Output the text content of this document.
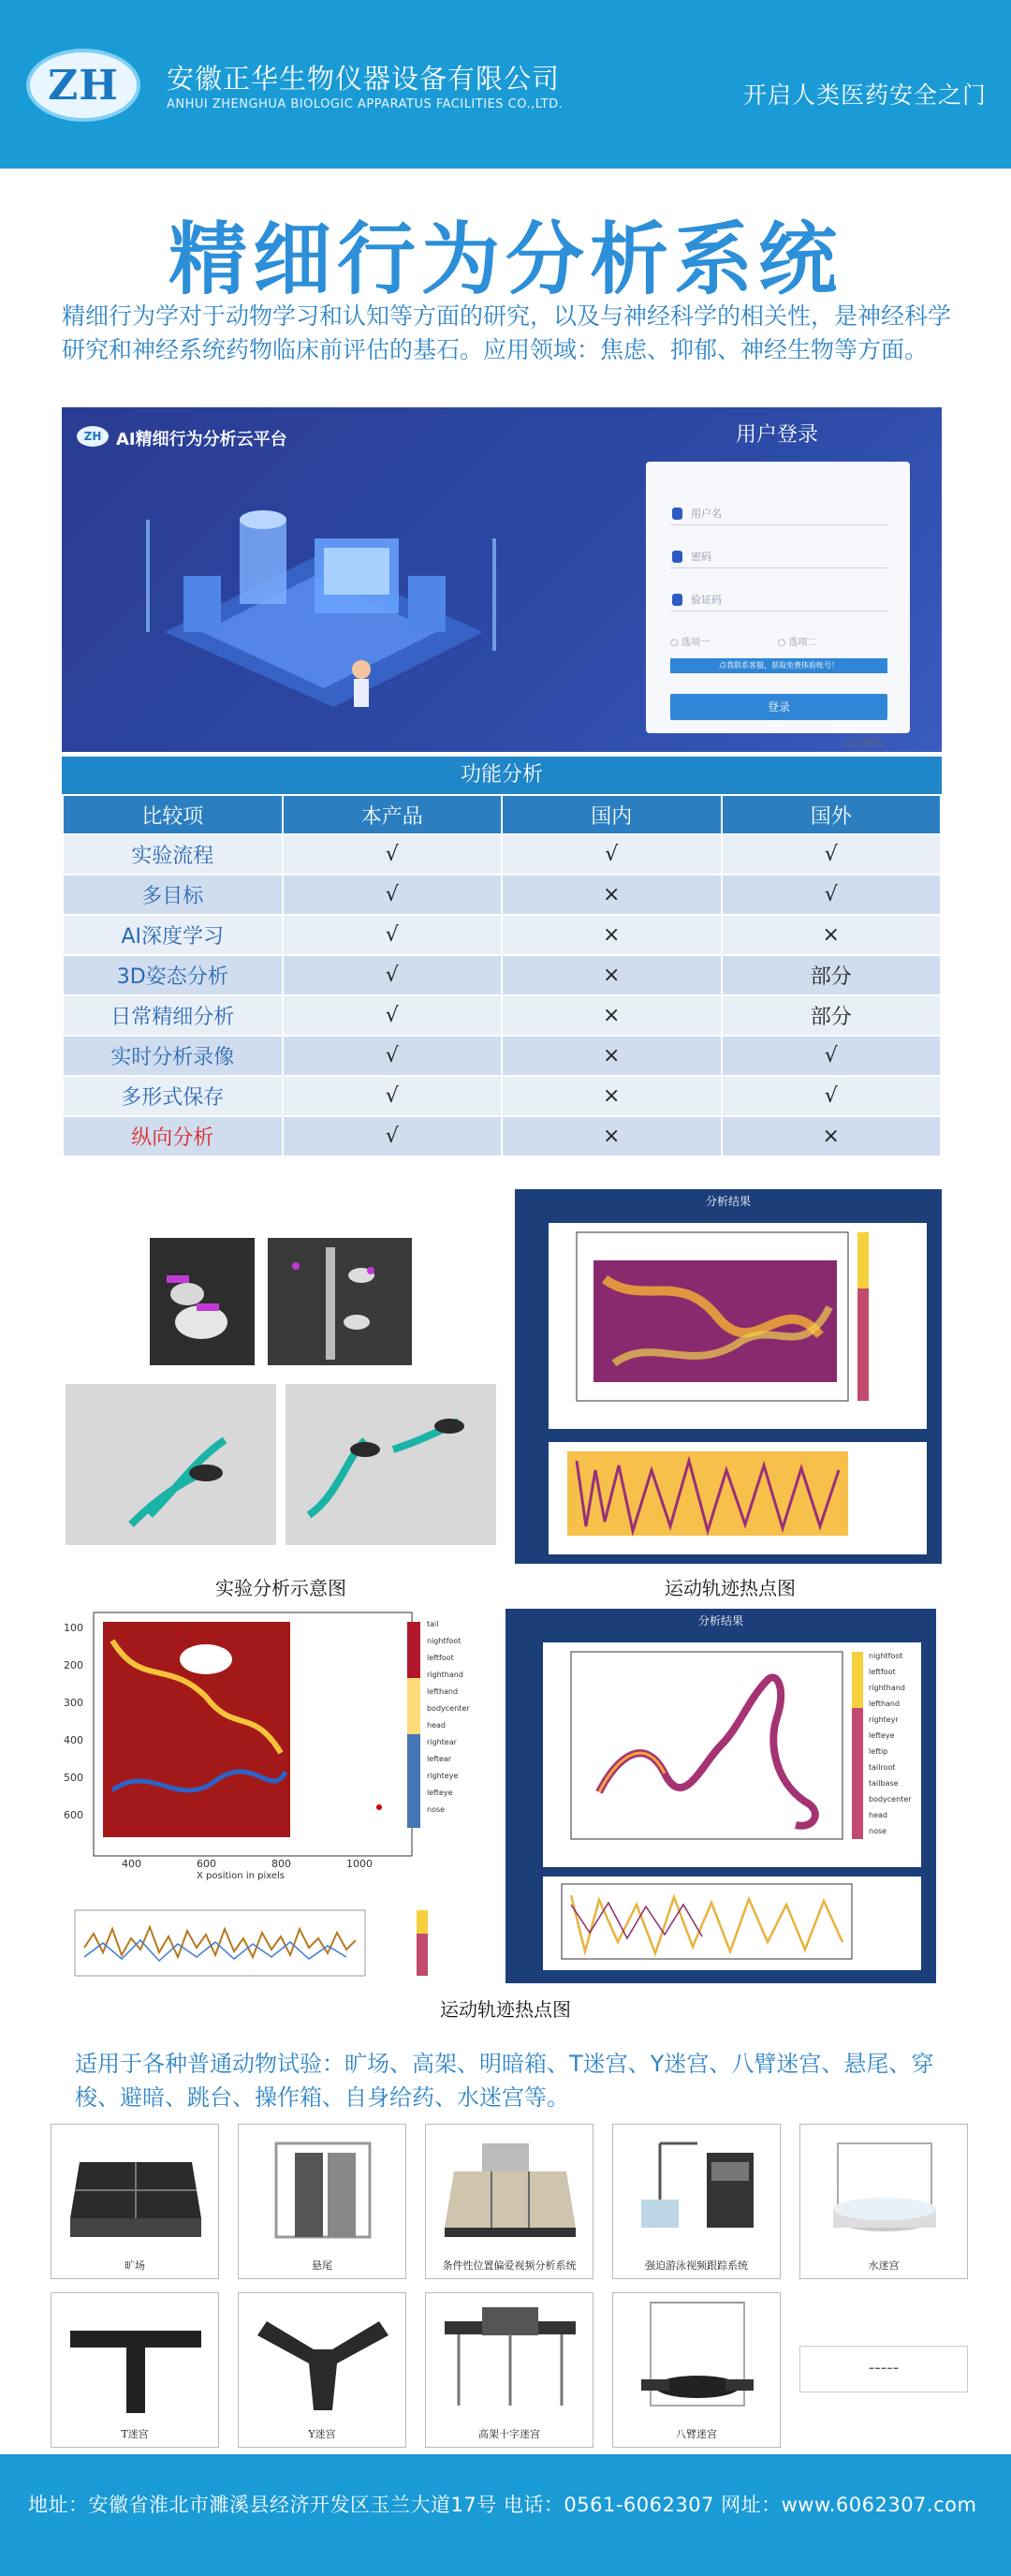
ZH 安徽正华生物仪器设备有限公司
ANHUI ZHENGHUA BIOLOGIC APPARATUS FACILITIES CO.,LTD.	开启人类医药安全之门
精细行为分析系统
精细行为学对于动物学习和认知等方面的研究，以及与神经科学的相关性，是神经科学研究和神经系统药物临床前评估的基石。应用领域：焦虑、抑郁、神经生物等方面。
ZH AI精细行为分析云平台	用户登录
用户名
密码
验证码
○ 选项一	○ 选项二
点我联系客服，获取免费体验帐号！
登录
忘记密码
功能分析
比较项	本产品	国内	国外
实验流程	√	√	√
多目标	√	×	√
AI深度学习	√	×	×
3D姿态分析	√	×	部分
日常精细分析	√	×	部分
实时分析录像	√	×	√
多形式保存	√	×	√
纵向分析	√	×	×
实验分析示意图
分析结果
运动轨迹热点图
tail
nightfoot
leftfoot
righthand
lefthand
bodycenter
head
rightear
leftear
righteye
lefteye
nose
100
200
300
400
500
600
400	600	800	1000
X position in pixels
分析结果
nightfoot
leftfoot
righthand
lefthand
righteyr
lefteye
leftip
tailroot
tailbase
bodycenter
head
nose
运动轨迹热点图
适用于各种普通动物试验：旷场、高架、明暗箱、T迷宫、Y迷宫、八臂迷宫、悬尾、穿梭、避暗、跳台、操作箱、自身给药、水迷宫等。
旷场	悬尾	条件性位置偏爱视频分析系统	强迫游泳视频跟踪系统	水迷宫
T迷宫	Y迷宫	高架十字迷宫	八臂迷宫
-----
地址：安徽省淮北市濉溪县经济开发区玉兰大道17号 电话：0561-6062307 网址：www.6062307.com
